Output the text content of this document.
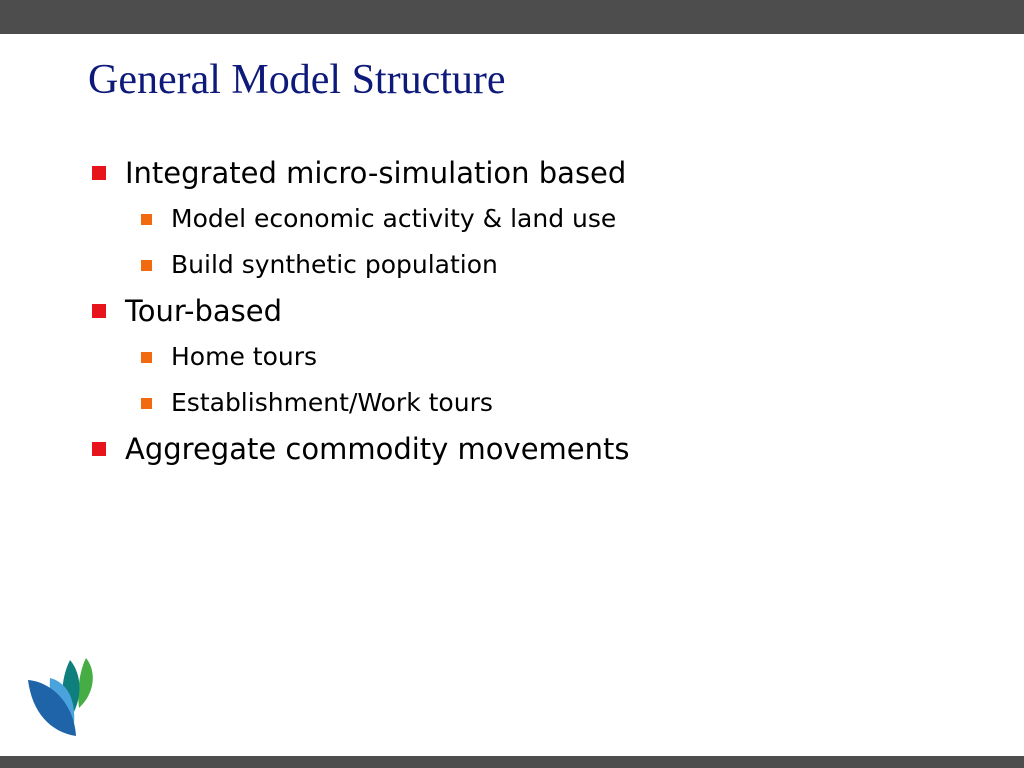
General Model Structure
Integrated micro-simulation based
Model economic activity & land use
Build synthetic population
Tour-based
Home tours
Establishment/Work tours
Aggregate commodity movements
